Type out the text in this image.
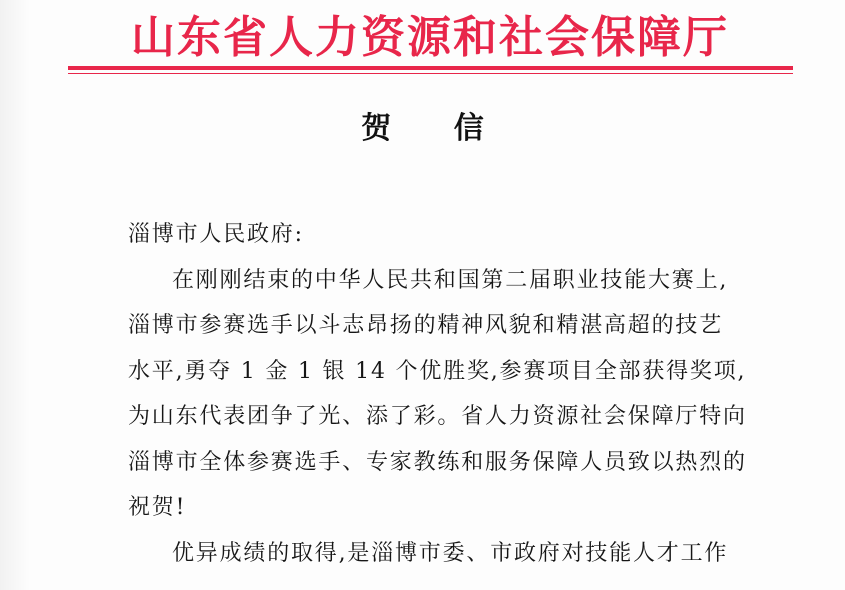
山东省人力资源和社会保障厅
贺 信
淄博市人民政府:
在刚刚结束的中华人民共和国第二届职业技能大赛上,
淄博市参赛选手以斗志昂扬的精神风貌和精湛高超的技艺
水平,勇夺 1 金 1 银 14 个优胜奖,参赛项目全部获得奖项,
为山东代表团争了光、添了彩。省人力资源社会保障厅特向
淄博市全体参赛选手、专家教练和服务保障人员致以热烈的
祝贺!
优异成绩的取得,是淄博市委、市政府对技能人才工作
